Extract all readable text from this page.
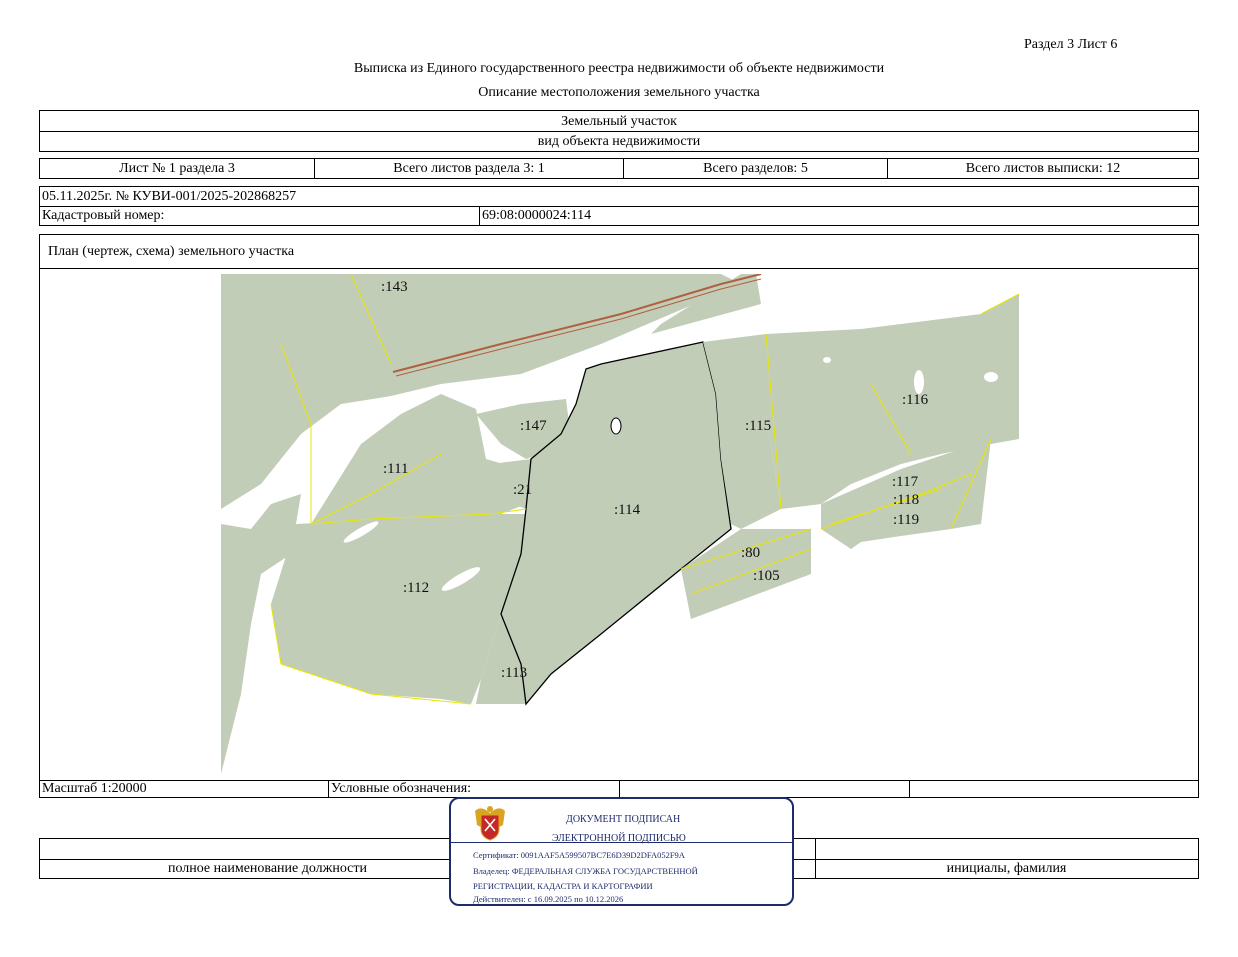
Раздел 3 Лист 6
Выписка из Единого государственного реестра недвижимости об объекте недвижимости
Описание местоположения земельного участка
Земельный участок
вид объекта недвижимости
Лист № 1 раздела 3	Всего листов раздела 3: 1	Всего разделов: 5	Всего листов выписки: 12
05.11.2025г. № КУВИ-001/2025-202868257
Кадастровый номер:	69:08:0000024:114
План (чертеж, схема) земельного участка
:143
:147	:115
:116
:111
:21
:114
:117
:118
:119
:80
:105
:112
:113
Масштаб 1:20000	Условные обозначения:
полное наименование должности	инициалы, фамилия
ДОКУМЕНТ ПОДПИСАН
ЭЛЕКТРОННОЙ ПОДПИСЬЮ
Сертификат: 0091AAF5A599507BC7E6D39D2DFA052F9A
Владелец: ФЕДЕРАЛЬНАЯ СЛУЖБА ГОСУДАРСТВЕННОЙ
РЕГИСТРАЦИИ, КАДАСТРА И КАРТОГРАФИИ
Действителен: с 16.09.2025 по 10.12.2026
